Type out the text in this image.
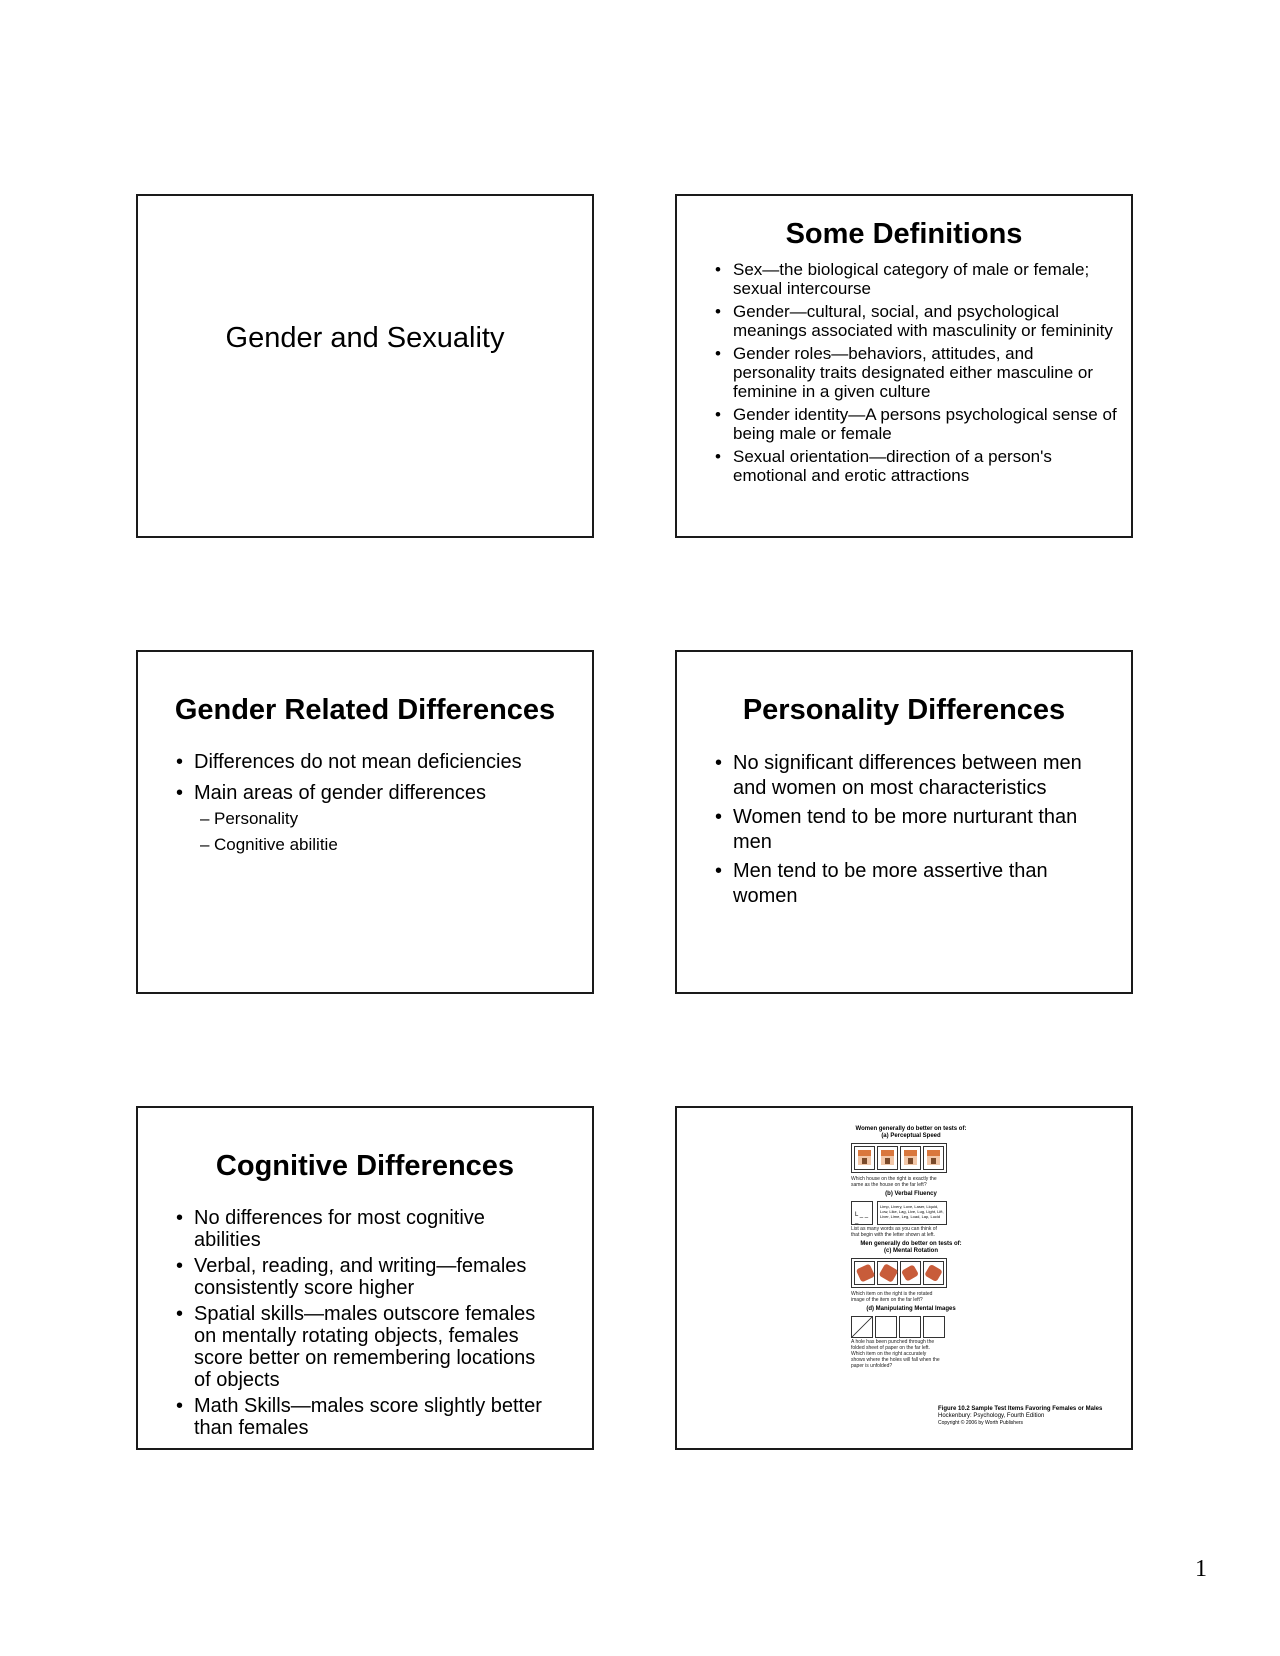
Gender and Sexuality
Some Definitions
• Sex—the biological category of male or female; sexual intercourse
• Gender—cultural, social, and psychological meanings associated with masculinity or femininity
• Gender roles—behaviors, attitudes, and personality traits designated either masculine or feminine in a given culture
• Gender identity—A persons psychological sense of being male or female
• Sexual orientation—direction of a person's emotional and erotic attractions
Gender Related Differences
• Differences do not mean deficiencies
• Main areas of gender differences
– Personality
– Cognitive abilitie
Personality Differences
• No significant differences between men and women on most characteristics
• Women tend to be more nurturant than men
• Men tend to be more assertive than women
Cognitive Differences
• No differences for most cognitive abilities
• Verbal, reading, and writing—females consistently score higher
• Spatial skills—males outscore females on mentally rotating objects, females score better on remembering locations of objects
• Math Skills—males score slightly better than females
Women generally do better on tests of:
(a) Perceptual Speed
Which house on the right is exactly the same as the house on the far left?
(b) Verbal Fluency
L _ _ _
Limp, Livery, Love, Laser, Liquid, Low, Like, Lag, Live, Lug, Light, Lift, Liver, Lime, Leg, Load, Lap, Lucid
List as many words as you can think of that begin with the letter shown at left.
Men generally do better on tests of:
(c) Mental Rotation
Which item on the right is the rotated image of the item on the far left?
(d) Manipulating Mental Images
A hole has been punched through the folded sheet of paper on the far left. Which item on the right accurately shows where the holes will fall when the paper is unfolded?
Figure 10.2 Sample Test Items Favoring Females or Males
Hockenbury: Psychology, Fourth Edition
Copyright © 2006 by Worth Publishers
1
